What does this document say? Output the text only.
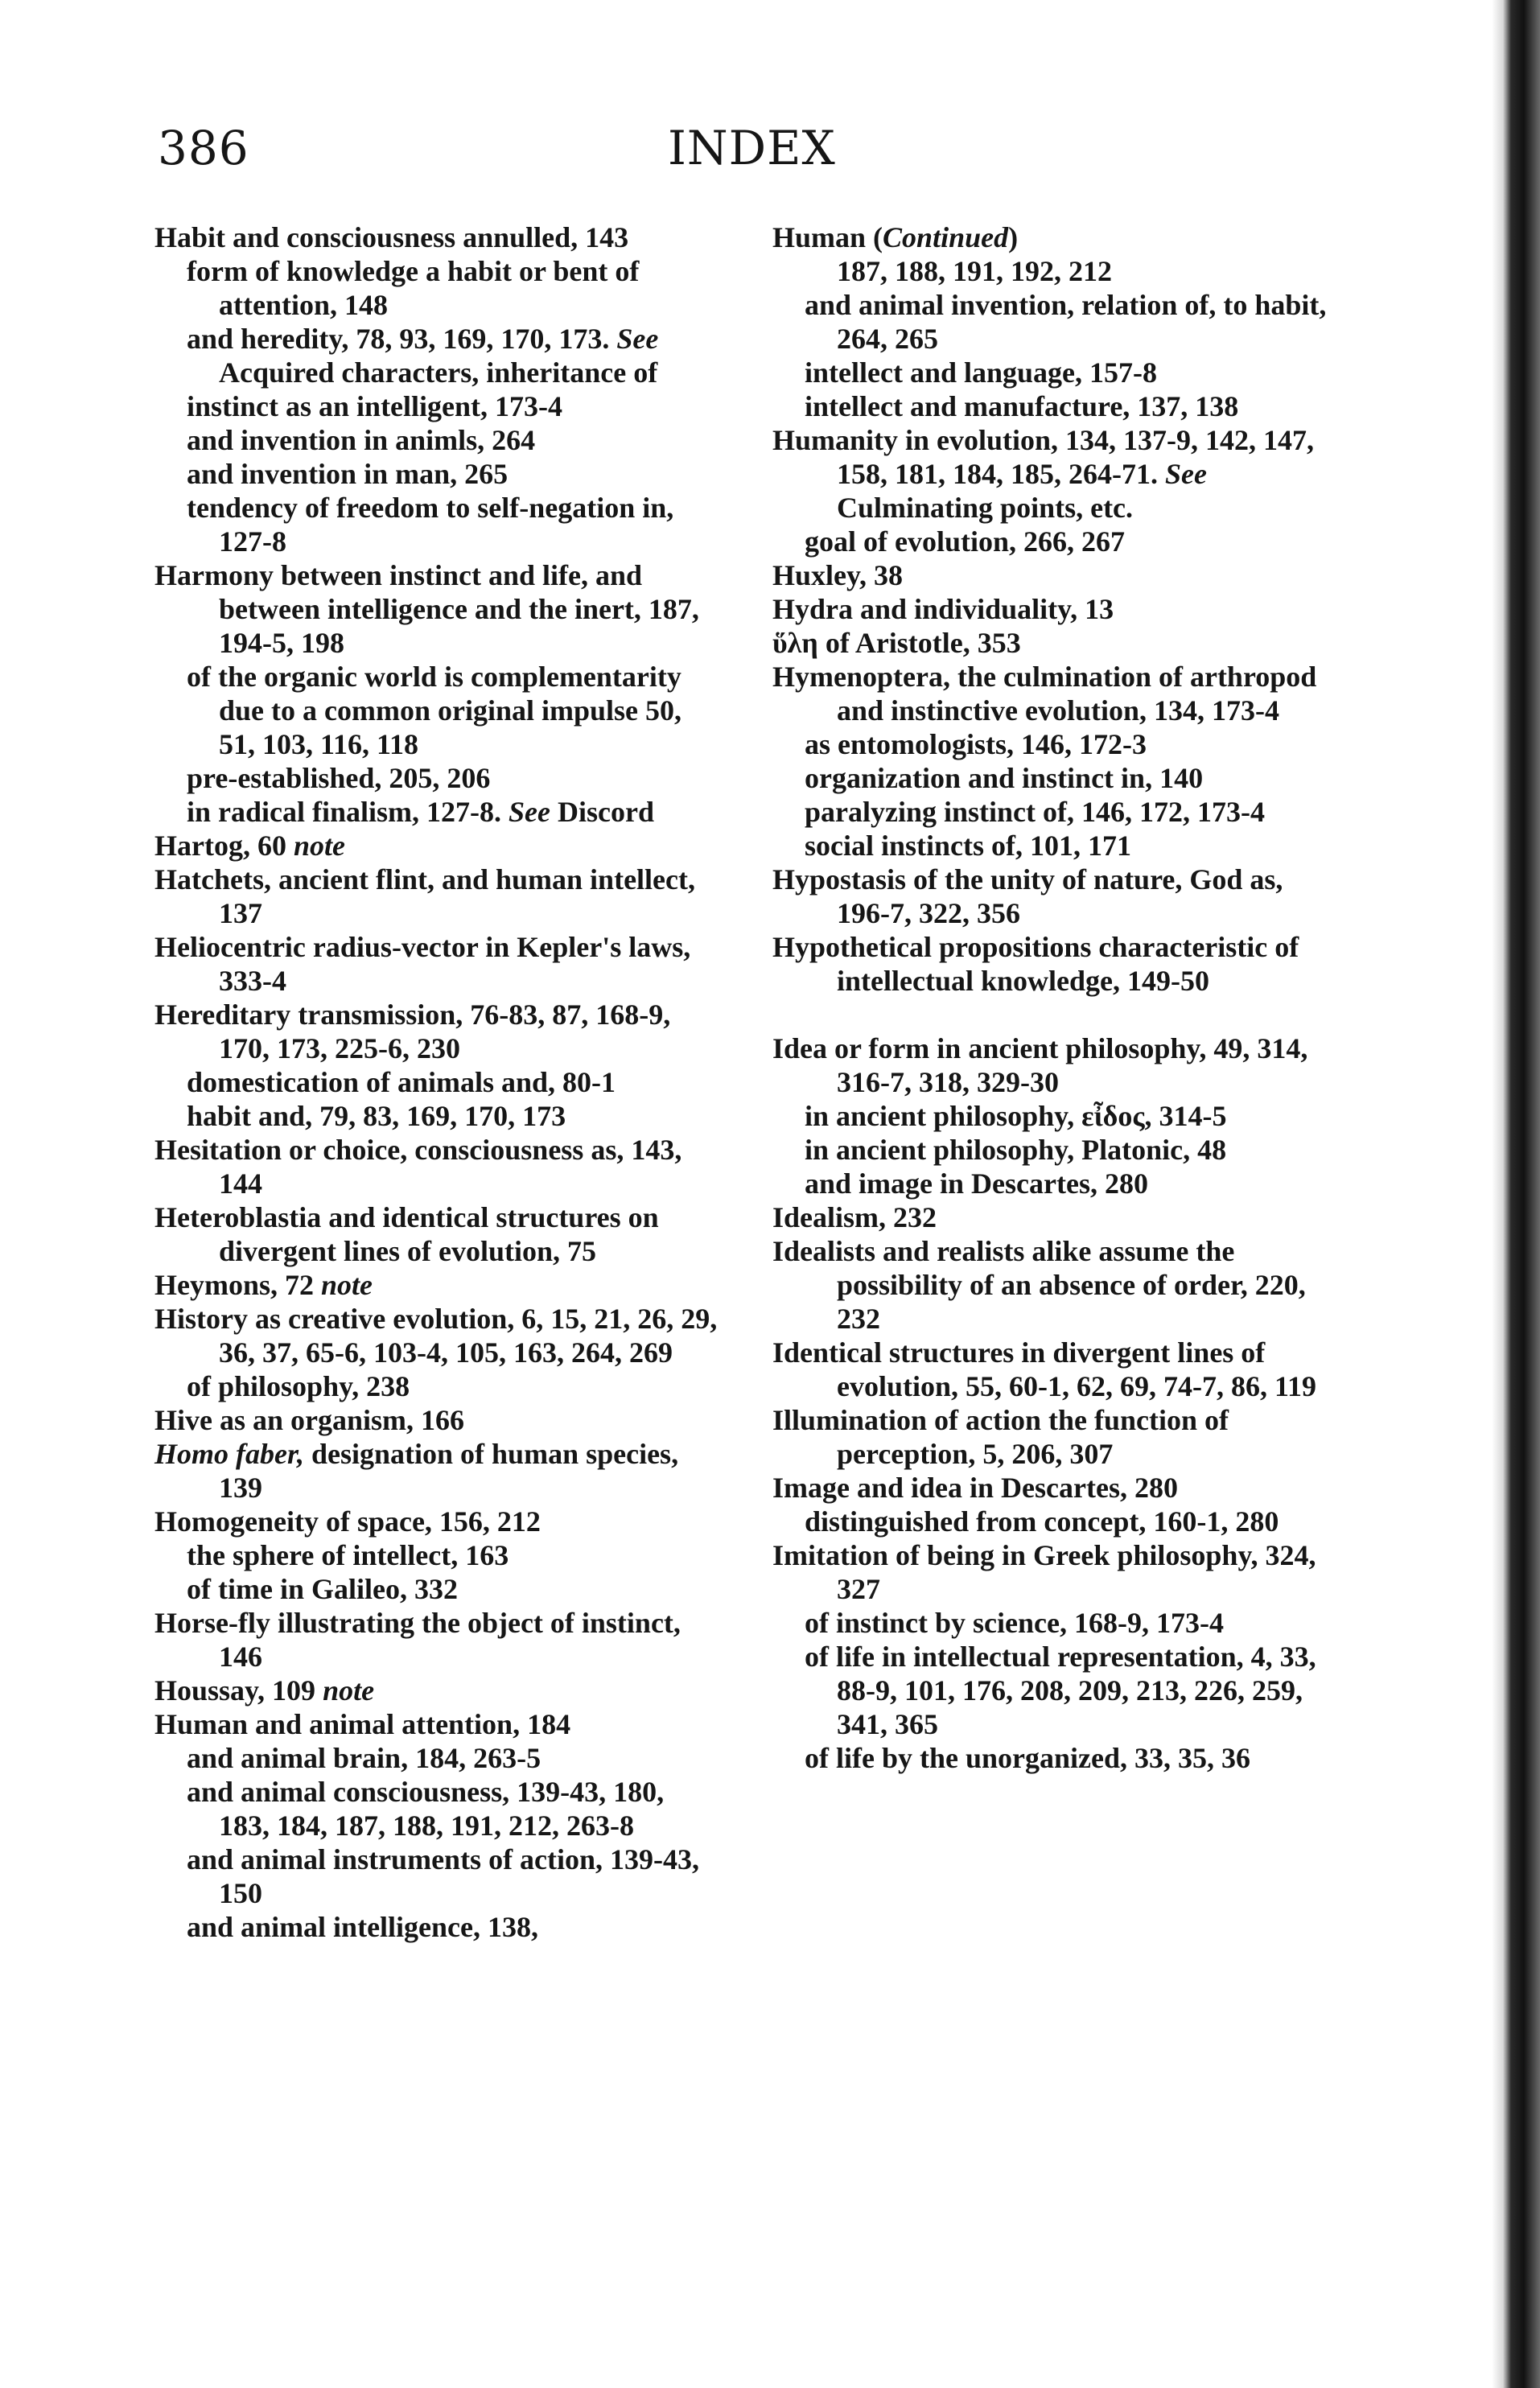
386	INDEX
Habit and consciousness annulled, 143
form of knowledge a habit or bent of attention, 148
and heredity, 78, 93, 169, 170, 173. See Acquired characters, inheritance of
instinct as an intelligent, 173-4
and invention in animls, 264
and invention in man, 265
tendency of freedom to self-negation in, 127-8
Harmony between instinct and life, and between intelligence and the inert, 187, 194-5, 198
of the organic world is complementarity due to a common original impulse 50, 51, 103, 116, 118
pre-established, 205, 206
in radical finalism, 127-8. See Discord
Hartog, 60 note
Hatchets, ancient flint, and human intellect, 137
Heliocentric radius-vector in Kepler's laws, 333-4
Hereditary transmission, 76-83, 87, 168-9, 170, 173, 225-6, 230
domestication of animals and, 80-1
habit and, 79, 83, 169, 170, 173
Hesitation or choice, consciousness as, 143, 144
Heteroblastia and identical structures on divergent lines of evolution, 75
Heymons, 72 note
History as creative evolution, 6, 15, 21, 26, 29, 36, 37, 65-6, 103-4, 105, 163, 264, 269
of philosophy, 238
Hive as an organism, 166
Homo faber, designation of human species, 139
Homogeneity of space, 156, 212
the sphere of intellect, 163
of time in Galileo, 332
Horse-fly illustrating the object of instinct, 146
Houssay, 109 note
Human and animal attention, 184
and animal brain, 184, 263-5
and animal consciousness, 139-43, 180, 183, 184, 187, 188, 191, 212, 263-8
and animal instruments of action, 139-43, 150
and animal intelligence, 138,
Human (Continued)
187, 188, 191, 192, 212
and animal invention, relation of, to habit, 264, 265
intellect and language, 157-8
intellect and manufacture, 137, 138
Humanity in evolution, 134, 137-9, 142, 147, 158, 181, 184, 185, 264-71. See Culminating points, etc.
goal of evolution, 266, 267
Huxley, 38
Hydra and individuality, 13
ὕλη of Aristotle, 353
Hymenoptera, the culmination of arthropod and instinctive evolution, 134, 173-4
as entomologists, 146, 172-3
organization and instinct in, 140
paralyzing instinct of, 146, 172, 173-4
social instincts of, 101, 171
Hypostasis of the unity of nature, God as, 196-7, 322, 356
Hypothetical propositions characteristic of intellectual knowledge, 149-50
Idea or form in ancient philosophy, 49, 314, 316-7, 318, 329-30
in ancient philosophy, εἶδος, 314-5
in ancient philosophy, Platonic, 48
and image in Descartes, 280
Idealism, 232
Idealists and realists alike assume the possibility of an absence of order, 220, 232
Identical structures in divergent lines of evolution, 55, 60-1, 62, 69, 74-7, 86, 119
Illumination of action the function of perception, 5, 206, 307
Image and idea in Descartes, 280
distinguished from concept, 160-1, 280
Imitation of being in Greek philosophy, 324, 327
of instinct by science, 168-9, 173-4
of life in intellectual representation, 4, 33, 88-9, 101, 176, 208, 209, 213, 226, 259, 341, 365
of life by the unorganized, 33, 35, 36
